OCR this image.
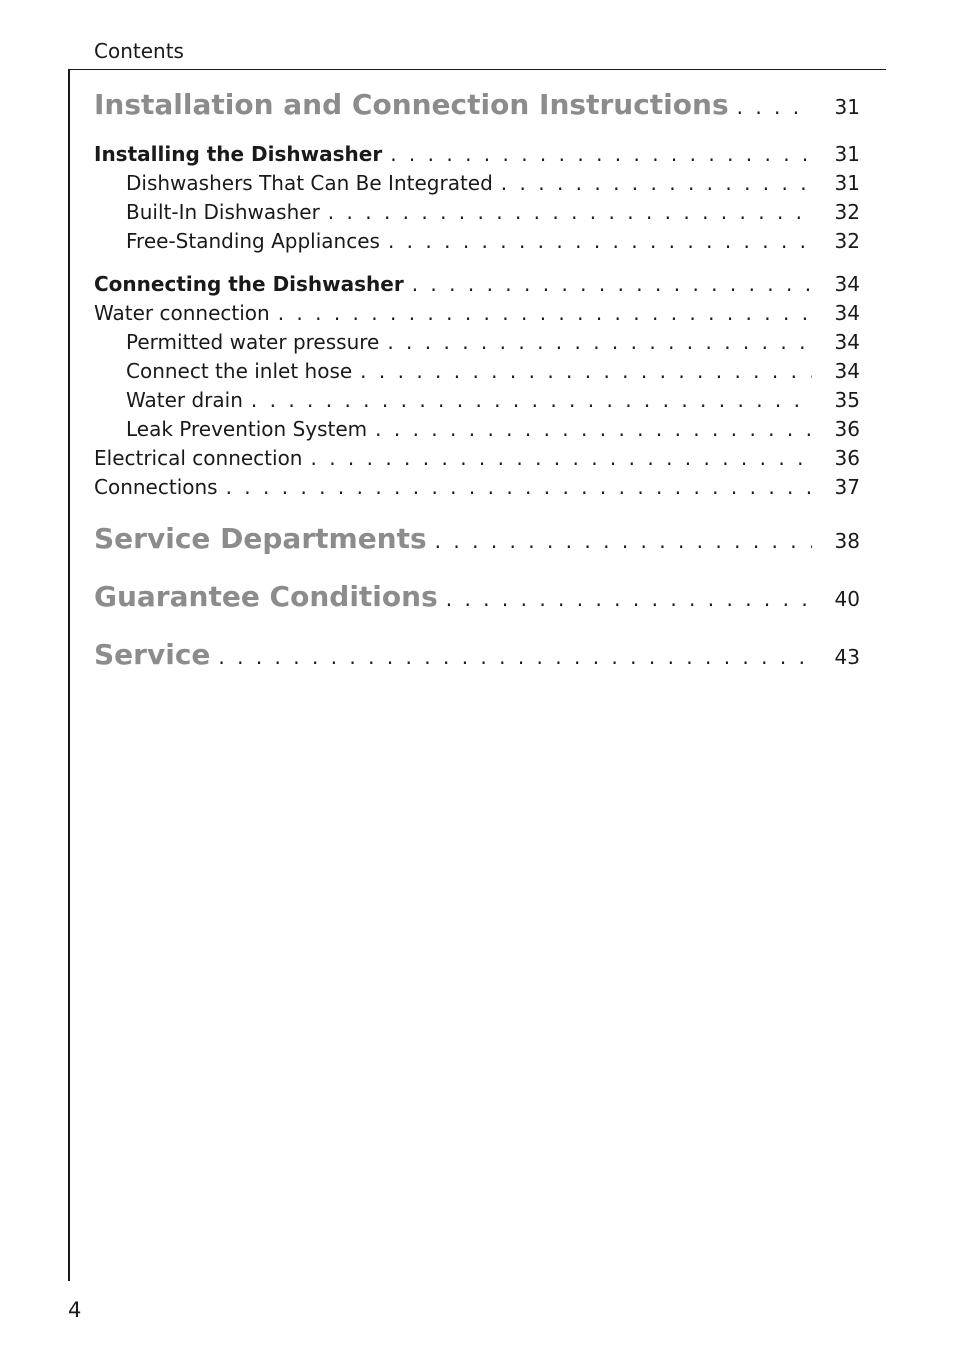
Contents
Installation and Connection Instructions . . .	31
Installing the Dishwasher . . .	31
Dishwashers That Can Be Integrated . . .	31
Built-In Dishwasher . . .	32
Free-Standing Appliances . . .	32
Connecting the Dishwasher . . .	34
Water connection . . .	34
Permitted water pressure . . .	34
Connect the inlet hose . . .	34
Water drain . . .	35
Leak Prevention System . . .	36
Electrical connection . . .	36
Connections . . .	37
Service Departments . . .	38
Guarantee Conditions . . .	40
Service . . .	43
4
